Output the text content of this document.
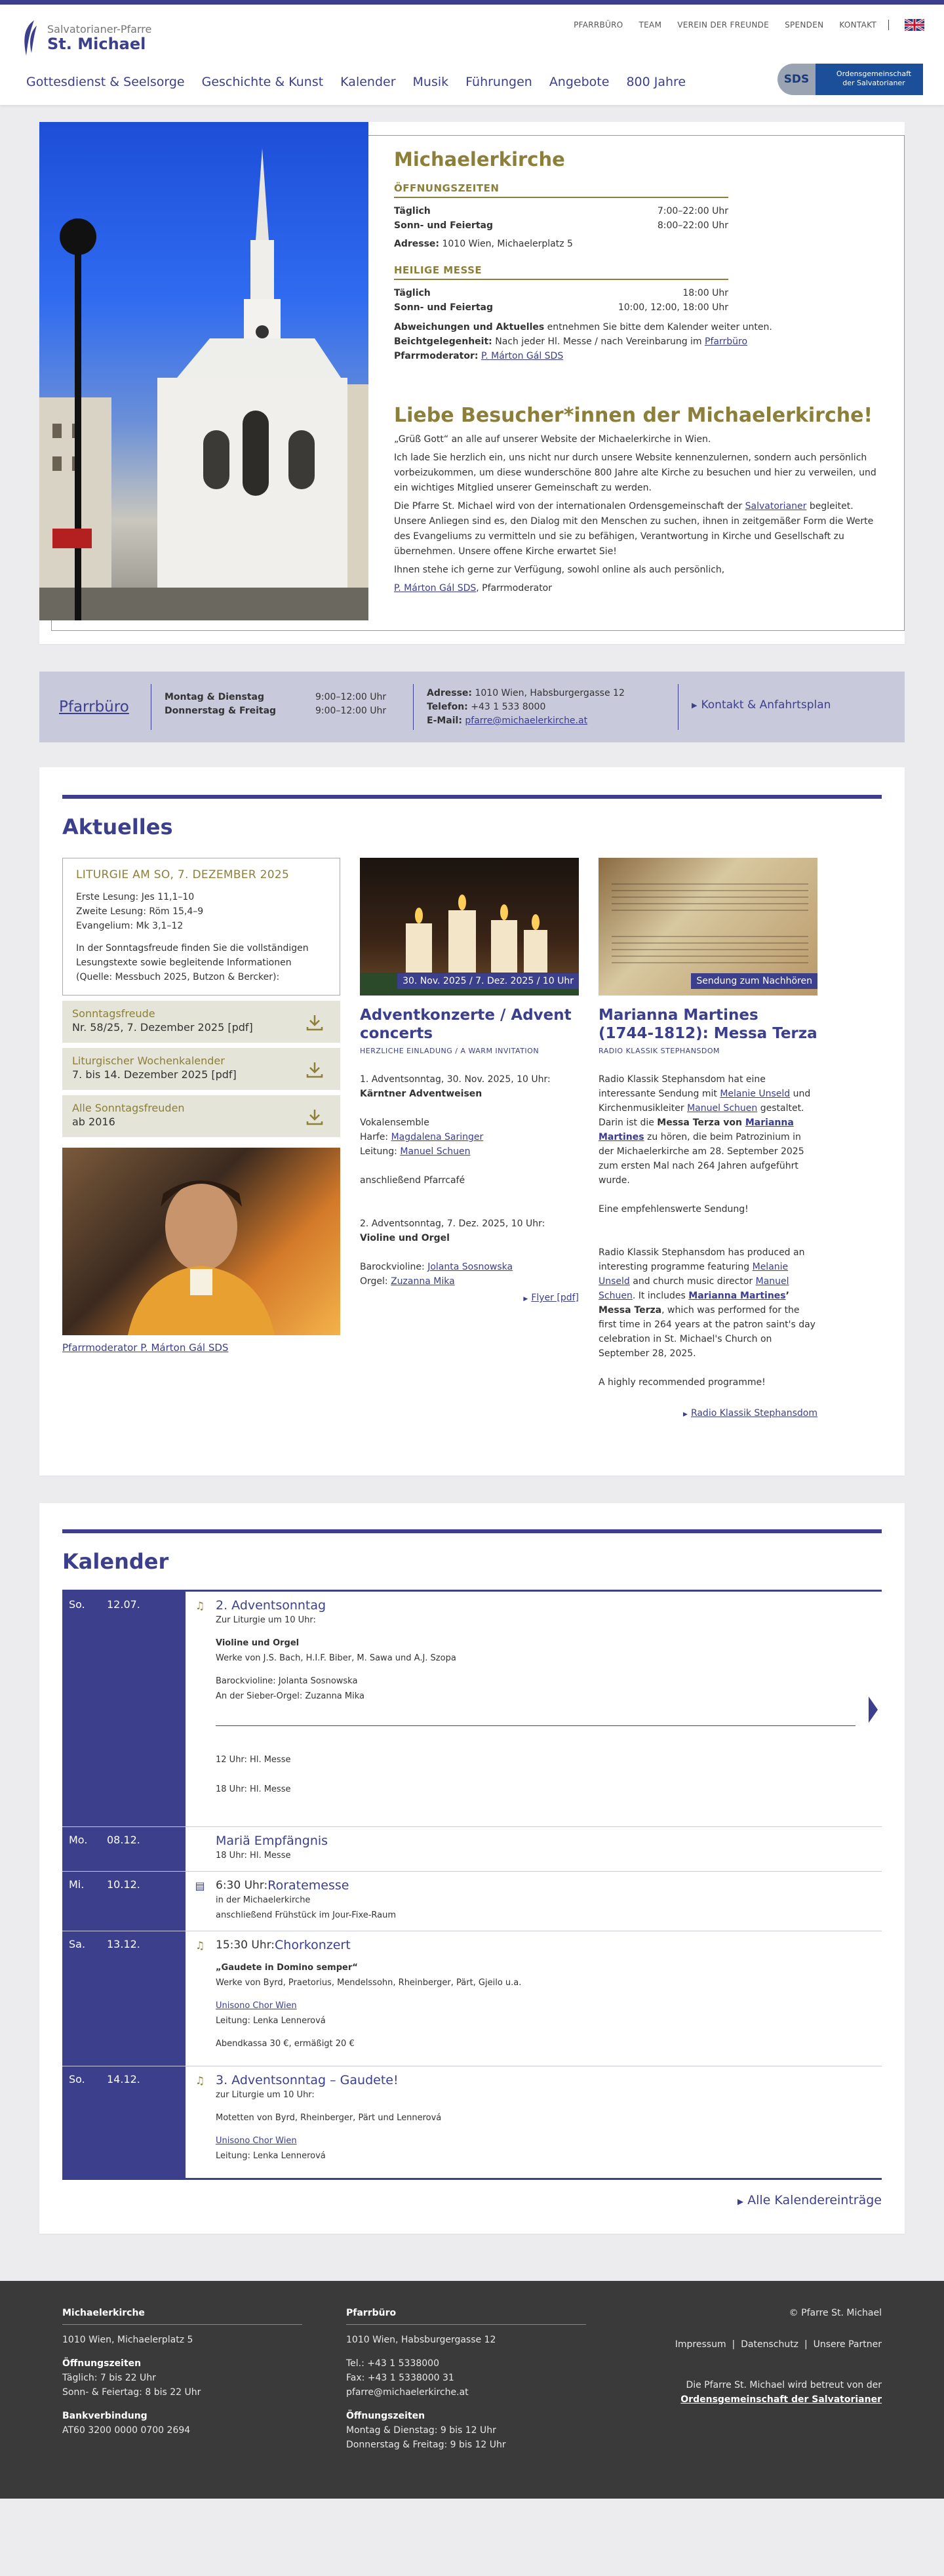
Salvatorianer-Pfarre
St. Michael
PFARRBÜRO TEAM VEREIN DER FREUNDE SPENDEN KONTAKT
Gottesdienst & Seelsorge Geschichte & Kunst Kalender Musik Führungen Angebote 800 Jahre	SDS	Ordensgemeinschaft
der Salvatorianer
Michaelerkirche
ÖFFNUNGSZEITEN
Täglich	7:00–22:00 Uhr
Sonn- und Feiertag	8:00–22:00 Uhr

Adresse: 1010 Wien, Michaelerplatz 5

HEILIGE MESSE
Täglich	18:00 Uhr
Sonn- und Feiertag	10:00, 12:00, 18:00 Uhr

Abweichungen und Aktuelles entnehmen Sie bitte dem Kalender weiter unten.

Beichtgelegenheit: Nach jeder Hl. Messe / nach Vereinbarung im Pfarrbüro

Pfarrmoderator: P. Márton Gál SDS

Liebe Besucher*innen der Michaelerkirche!

„Grüß Gott“ an alle auf unserer Website der Michaelerkirche in Wien.

Ich lade Sie herzlich ein, uns nicht nur durch unsere Website kennenzulernen, sondern auch persönlich vorbeizukommen, um diese wunderschöne 800 Jahre alte Kirche zu besuchen und hier zu verweilen, und ein wichtiges Mitglied unserer Gemeinschaft zu werden.

Die Pfarre St. Michael wird von der internationalen Ordensgemeinschaft der Salvatorianer begleitet. Unsere Anliegen sind es, den Dialog mit den Menschen zu suchen, ihnen in zeitgemäßer Form die Werte des Evangeliums zu vermitteln und sie zu befähigen, Verantwortung in Kirche und Gesellschaft zu übernehmen. Unsere offene Kirche erwartet Sie!

Ihnen stehe ich gerne zur Verfügung, sowohl online als auch persönlich,

P. Márton Gál SDS, Pfarrmoderator

Pfarrbüro
Montag & Dienstag	9:00–12:00 Uhr
Donnerstag & Freitag	9:00–12:00 Uhr
Adresse: 1010 Wien, Habsburgergasse 12
Telefon: +43 1 533 8000
E-Mail: pfarre@michaelerkirche.at
▶ Kontakt & Anfahrtsplan
Aktuelles
LITURGIE AM SO, 7. DEZEMBER 2025
Erste Lesung: Jes 11,1–10
Zweite Lesung: Röm 15,4–9
Evangelium: Mk 3,1–12
In der Sonntagsfreude finden Sie die vollständigen Lesungstexte sowie begleitende Informationen (Quelle: Messbuch 2025, Butzon & Bercker):
Sonntagsfreude
Nr. 58/25, 7. Dezember 2025 [pdf]
Liturgischer Wochenkalender
7. bis 14. Dezember 2025 [pdf]
Alle Sonntagsfreuden
ab 2016
Pfarrmoderator P. Márton Gál SDS
30. Nov. 2025 / 7. Dez. 2025 / 10 Uhr
Adventkonzerte / Advent concerts
HERZLICHE EINLADUNG / A WARM INVITATION
1. Adventsonntag, 30. Nov. 2025, 10 Uhr:
Kärntner Adventweisen
Vokalensemble
Harfe: Magdalena Saringer
Leitung: Manuel Schuen
anschließend Pfarrcafé
2. Adventsonntag, 7. Dez. 2025, 10 Uhr:
Violine und Orgel
Barockvioline: Jolanta Sosnowska
Orgel: Zuzanna Mika
▶ Flyer [pdf]
Sendung zum Nachhören
Marianna Martines (1744-1812): Messa Terza
RADIO KLASSIK STEPHANSDOM
Radio Klassik Stephansdom hat eine interessante Sendung mit Melanie Unseld und Kirchenmusikleiter Manuel Schuen gestaltet. Darin ist die Messa Terza von Marianna Martines zu hören, die beim Patrozinium in der Michaelerkirche am 28. September 2025 zum ersten Mal nach 264 Jahren aufgeführt wurde.
Eine empfehlenswerte Sendung!
Radio Klassik Stephansdom has produced an interesting programme featuring Melanie Unseld and church music director Manuel Schuen. It includes Marianna Martines’ Messa Terza, which was performed for the first time in 264 years at the patron saint's day celebration in St. Michael's Church on September 28, 2025.
A highly recommended programme!
▶ Radio Klassik Stephansdom
Kalender
So.	12.07.	♫ 2. Adventsonntag
Zur Liturgie um 10 Uhr:
Violine und Orgel
Werke von J.S. Bach, H.I.F. Biber, M. Sawa und A.J. Szopa
Barockvioline: Jolanta Sosnowska
An der Sieber-Orgel: Zuzanna Mika
12 Uhr: Hl. Messe
18 Uhr: Hl. Messe
Mo.	08.12.	Mariä Empfängnis
18 Uhr: Hl. Messe
Mi.	10.12.	▤ 6:30 Uhr: Roratemesse
in der Michaelerkirche
anschließend Frühstück im Jour-Fixe-Raum
Sa.	13.12.	♫ 15:30 Uhr: Chorkonzert
„Gaudete in Domino semper“
Werke von Byrd, Praetorius, Mendelssohn, Rheinberger, Pärt, Gjeilo u.a.
Unisono Chor Wien
Leitung: Lenka Lennerová
Abendkassa 30 €, ermäßigt 20 €
So.	14.12.	♫ 3. Adventsonntag – Gaudete!
zur Liturgie um 10 Uhr:
Motetten von Byrd, Rheinberger, Pärt und Lennerová
Unisono Chor Wien
Leitung: Lenka Lennerová
▶ Alle Kalendereinträge
Michaelerkirche
1010 Wien, Michaelerplatz 5
Öffnungszeiten
Täglich: 7 bis 22 Uhr
Sonn- & Feiertag: 8 bis 22 Uhr
Bankverbindung
AT60 3200 0000 0700 2694
Pfarrbüro
1010 Wien, Habsburgergasse 12
Tel.: +43 1 5338000
Fax: +43 1 5338000 31
pfarre@michaelerkirche.at
Öffnungszeiten
Montag & Dienstag: 9 bis 12 Uhr
Donnerstag & Freitag: 9 bis 12 Uhr
© Pfarre St. Michael
Impressum  |  Datenschutz  |  Unsere Partner
Die Pfarre St. Michael wird betreut von der
Ordensgemeinschaft der Salvatorianer
